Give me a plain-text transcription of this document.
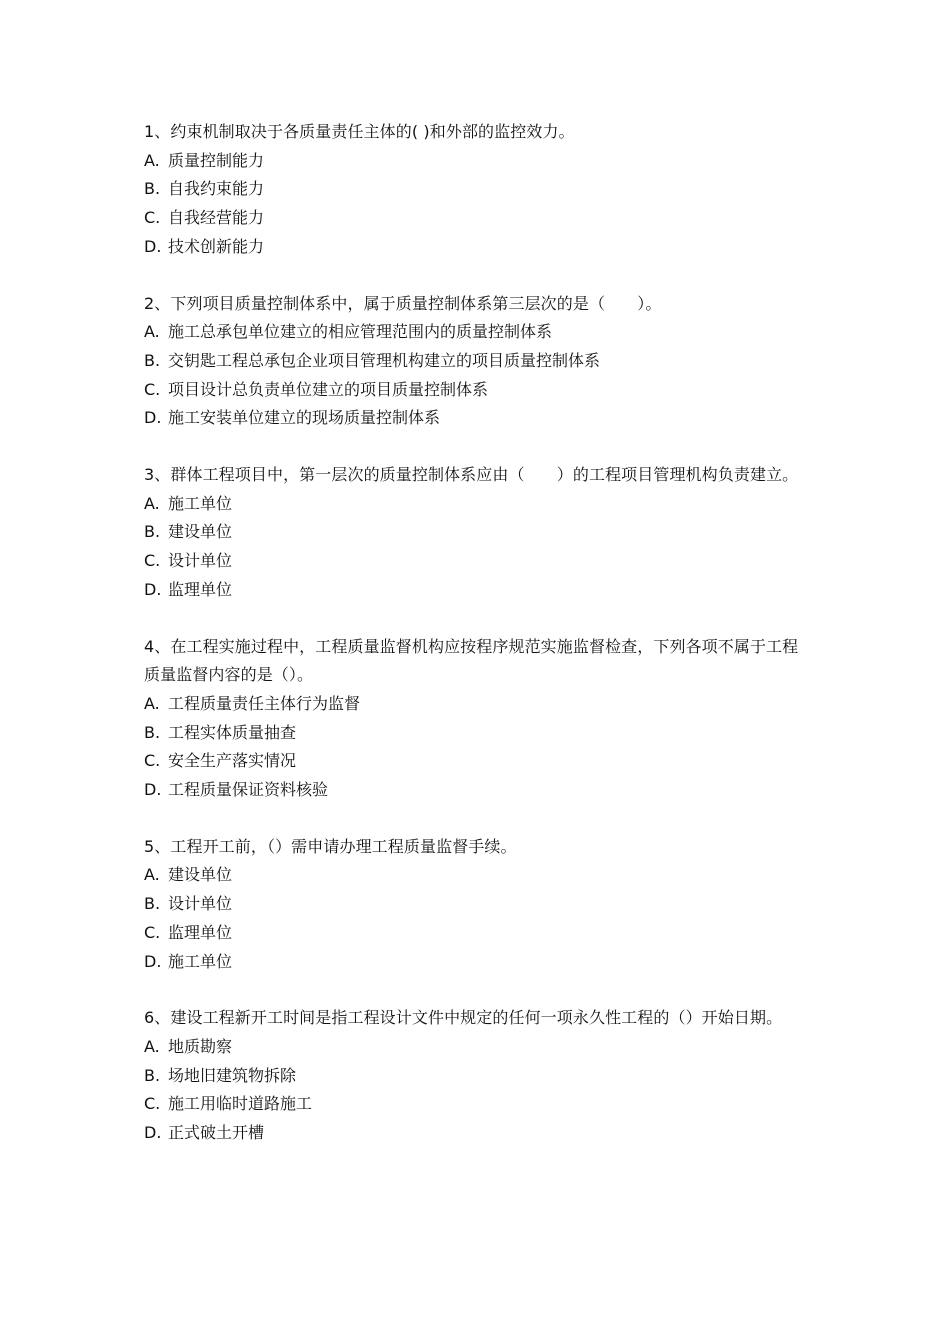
1、约束机制取决于各质量责任主体的( )和外部的监控效力。

A. 质量控制能力
B. 自我约束能力
C. 自我经营能力
D. 技术创新能力

2、下列项目质量控制体系中，属于质量控制体系第三层次的是（　　）。

A. 施工总承包单位建立的相应管理范围内的质量控制体系
B. 交钥匙工程总承包企业项目管理机构建立的项目质量控制体系
C. 项目设计总负责单位建立的项目质量控制体系
D. 施工安装单位建立的现场质量控制体系

3、群体工程项目中，第一层次的质量控制体系应由（　　）的工程项目管理机构负责建立。

A. 施工单位
B. 建设单位
C. 设计单位
D. 监理单位

4、在工程实施过程中，工程质量监督机构应按程序规范实施监督检查，下列各项不属于工程质量监督内容的是（）。

A. 工程质量责任主体行为监督
B. 工程实体质量抽查
C. 安全生产落实情况
D. 工程质量保证资料核验

5、工程开工前，（）需申请办理工程质量监督手续。

A. 建设单位
B. 设计单位
C. 监理单位
D. 施工单位

6、建设工程新开工时间是指工程设计文件中规定的任何一项永久性工程的（）开始日期。

A. 地质勘察
B. 场地旧建筑物拆除
C. 施工用临时道路施工
D. 正式破土开槽
